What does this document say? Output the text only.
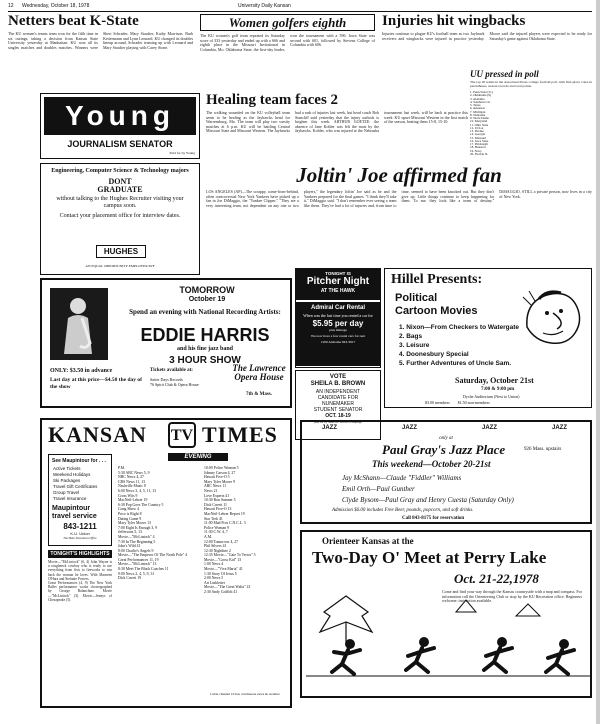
12 Wednesday, October 18, 1978	University Daily Kansan
Netters beat K-State
The KU women's tennis team won for the fifth time in six outings, taking a decision from Kansas State University yesterday at Manhattan. KU won all its singles matches and doubles matches. Winners were Sheri Schrader, Mary Staufier, Kathy Morrison, Barb Kettermann and Lynn Leonard. KU changed its doubles lineup around, Schrader teaming up with Leonard and Mary Staufier playing with Carey Stone.
Women golfers eighth
The KU women's golf team repeated its Saturday score of 333 yesterday and ended up with a 666 and eighth place in the Missouri Invitational in Columbia, Mo. Oklahoma State, the first-day leader, won the tournament with a 596. Iowa State was second with 601, followed by Stevens College of Columbia with 606.
Injuries hit wingbacks
Injuries continue to plague KU's football team as two Jayhawk receivers and wingbacks were injured in practice yesterday. Moore said the injured players were expected to be ready for Saturday's game against Oklahoma State.
UU pressed in poll
The top 20 teams in the Associated Press college football poll, with first-place votes in parentheses, season records and total points.
1. Penn State (51)
2. Oklahoma (9)
3. Alabama
4. Southern Cal
5. Texas
6. Arkansas
7. Michigan
8. Nebraska
9. Notre Dame
10. Maryland
11. Ohio State
12. UCLA
13. Purdue
14. Georgia
15. Missouri
16. Iowa State
17. Pittsburgh
18. Houston
19. Navy
20. Florida St.
Young
JOURNALISM SENATOR
Paid for by Young
Healing team faces 2
The walking wounded on the KU volleyball team seem to be healing as the Jayhawks head for Warrensburg, Mo. The team will play two varsity matches at 6 p.m. KU will be battling Central Missouri State and Missouri Western. The Jayhawks had a rash of injuries last week, but head coach Bob Stancliff said yesterday that the injury outlook is brighter this week. ARTHUR GOETZE: the absence of Jane Kohler was felt the most by the Jayhawks. Kohler, who was injured at the Nebraska tournament last week, will be back at practice this week. KU upset Missouri Western in the first match of the season, beating them 15-8, 15-10.
Engineering, Computer Science & Technology majors
DONT
GRADUATE
without talking to the Hughes Recruiter visiting your campus soon.
Contact your placement office for interview dates.
HUGHES
AN EQUAL OPPORTUNITY EMPLOYER M/F
Joltin' Joe affirmed fan
LOS ANGELES (AP)—The scrappy, come-from-behind, often controversial New York Yankees have picked up a fan in Joe DiMaggio, the "Yankee Clipper." "They are a very interesting team, not dependent on any one or two players," the legendary Joltin' Joe said as he and the Yankees prepared for the final games. "I think they'll take it," DiMaggio said. "I don't remember ever seeing a team like them. They've had a lot of injuries and, from time to time, seemed to have been knocked out. But they don't give up. Little things continue to keep happening for them. To me, they look like a team of destiny." DiMAGGIO, STILL a private person, now lives in a city of New York.
TOMORROW
October 19
Spend an evening with National Recording Artists:
EDDIE HARRIS
and his fine jazz band
3 HOUR SHOW
ONLY: $3.50 in advance
Last day at this price—$4.50 the day of the show
Tickets available at:
Sutter Days Records
76 Spirit Club & Opera House
The Lawrence Opera House
7th & Mass.
TONIGHT IS
Pitcher Night
AT THE HAWK
Admiral Car Rental
When was the last time you rented a car for
$5.95 per day
plus mileage
We now have a few rental cars for rent
1200 Alabama 843-3917
VOTE
SHEILA B. BROWN
AN INDEPENDENT
CANDIDATE FOR
NUNEMAKER
STUDENT SENATOR
OCT. 18-19
paid for by Sheila B. Brown's campaign
Hillel Presents:
Political
Cartoon Movies
1. Nixon—From Checkers to Watergate
2. Bags
3. Leisure
4. Doonesbury Special
5. Further Adventures of Uncle Sam.
Saturday, October 21st
7:00 & 9:00 pm
Dyche Auditorium (Next to Union)
$3.00 members        $1.50 non-members
KANSAN TV TIMES
EVENING
See Maupintour for . . .
Active Tickets
Weekend Holidays
Ski Packages
Travel Gift Certificates
Group Travel
Travel Insurance
Maupintour travel service
843-1211
K.U. Union
The Main Downtown Office
TONIGHT'S HIGHLIGHTS
Movie—"McLintock" (6, 4) John Wayne is a roughneck cowboy who is ready to use everything from fists to fireworks to win back the woman he loves. With Maureen O'Hara and Stefanie Powers.
Great Performances (4, 9) The New York Ballet performance works choreographed by George Balanchine. Movie—"McLintock" (3). Movie—Jennys of Chesapeake (5).
P.M.
5:30 ABC News 5, 9
NBC News 4, 27
CBS News 11, 13
Nashville Music 8
6:00 News 3, 4, 5, 11, 13
Cross Wits 9
MacNeil-Lehrer 19
6:30 Pop Goes The Country 5
Gong Show 4
Price is Right 8
Dating Game 9
Mary Tyler Moore 13
7:00 Eight Is Enough 3, 9
Jeffersons 5, 13
Movie—"McLintock" 4
7:30 In The Beginning 5
John's Wild 41
8:00 Charlie's Angels 9
Movie—"The Emperor Of The North Pole" 4
Great Performances 11, 19
Movie—"McLintock" 13
8:30 Meet The Black Coaches 11
9:00 News 2, 4, 5, 9, 31
Dick Cavett 19
10:00 Police Woman 5
Johnny Carson 4, 27
Hawaii Five-O 5
Mary Tyler Moore 9
ABC News 11
News 21
Love Experts 41
10:30 Ron Sumner 5
Dick Cavett 11
Hawaii Five-O 13
MacNeil-Lehrer Report 19
Star Trek 41
11:00 Mad Pros C.N.C.L. 5
Police Woman 9
11:30 C.W. 4, 7
A.M.
12:00 Tomorrow 4, 27
Phil Silvers 41
12:30 Nightline 2
12:35 Movie—"Gate To Terror" 5
Movie—"Gross Kid" 13
1:00 News 4
Movie—"Viva Maria" 41
1:30 Story Of Jesus 5
2:00 News 5
Art Linkletter
Movie—"The Great Waltz" 41
2:30 Andy Griffith 41
Cable channel 10 has continuous news & weather
JAZZ	JAZZ	JAZZ	JAZZ
only at
Paul Gray's Jazz Place	926 Mass. upstairs
This weekend—October 20-21st
Jay McShann—Claude "Fiddler" Williams
Emil Orth—Paul Gunther
Clyde Bysom—Paul Gray and Henry Cuesta (Saturday Only)
Admission $6.00 includes Free Beer, pounds, popcorn, and soft drinks.
Call 843-8175 for reservation
Orienteer Kansas at the
Two-Day O' Meet at Perry Lake
Oct. 21-22,1978
Come and find your way through the Kansas countryside with a map and compass. For information call the Orienteering Club or stop by the KU Recreation office. Beginners welcome; instruction available.
